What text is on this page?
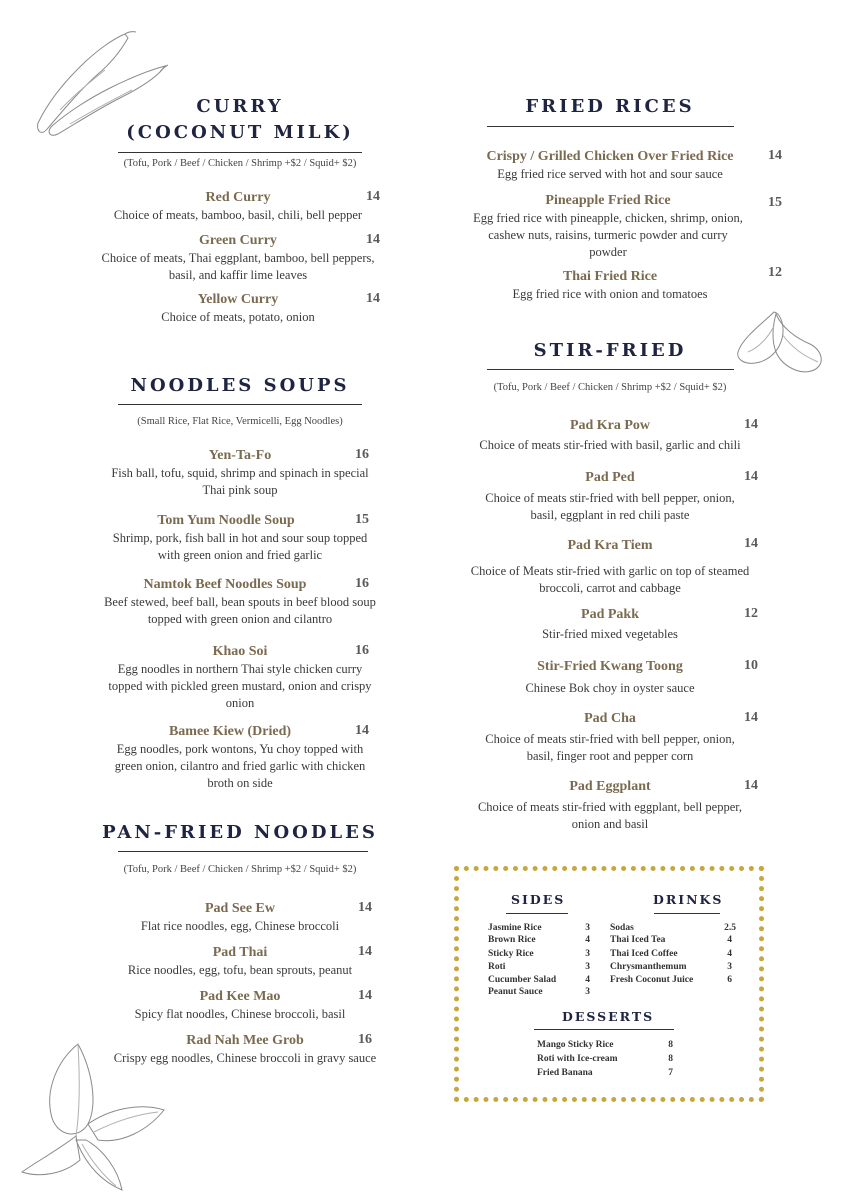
CURRY
(COCONUT MILK)
(Tofu, Pork / Beef / Chicken / Shrimp +$2 / Squid+ $2)
Red Curry
Choice of meats, bamboo, basil, chili, bell pepper
14
Green Curry
Choice of meats, Thai eggplant, bamboo, bell peppers,
basil, and kaffir lime leaves
14
Yellow Curry
Choice of meats, potato, onion
14
NOODLES SOUPS
(Small Rice, Flat Rice, Vermicelli, Egg Noodles)
Yen-Ta-Fo
Fish ball, tofu, squid, shrimp and spinach in special
Thai pink soup
16
Tom Yum Noodle Soup
Shrimp, pork, fish ball in hot and sour soup topped
with green onion and fried garlic
15
Namtok Beef Noodles Soup
Beef stewed, beef ball, bean spouts in beef blood soup
topped with green onion and cilantro
16
Khao Soi
Egg noodles in northern Thai style chicken curry
topped with pickled green mustard, onion and crispy
onion
16
Bamee Kiew (Dried)
Egg noodles, pork wontons, Yu choy topped with
green onion, cilantro and fried garlic with chicken
broth on side
14
PAN-FRIED NOODLES
(Tofu, Pork / Beef / Chicken / Shrimp +$2 / Squid+ $2)
Pad See Ew
Flat rice noodles, egg, Chinese broccoli
14
Pad Thai
Rice noodles, egg, tofu, bean sprouts, peanut
14
Pad Kee Mao
Spicy flat noodles, Chinese broccoli, basil
14
Rad Nah Mee Grob
Crispy egg noodles, Chinese broccoli in gravy sauce
16
FRIED RICES
Crispy / Grilled Chicken Over Fried Rice
Egg fried rice served with hot and sour sauce
14
Pineapple Fried Rice
Egg fried rice with pineapple, chicken, shrimp, onion,
cashew nuts, raisins, turmeric powder and curry
powder
15
Thai Fried Rice
Egg fried rice with onion and tomatoes
12
STIR-FRIED
(Tofu, Pork / Beef / Chicken / Shrimp +$2 / Squid+ $2)
Pad Kra Pow
Choice of meats stir-fried with basil, garlic and chili
14
Pad Ped
Choice of meats stir-fried with bell pepper, onion,
basil, eggplant in red chili paste
14
Pad Kra Tiem
Choice of Meats stir-fried with garlic on top of steamed
broccoli, carrot and cabbage
14
Pad Pakk
Stir-fried mixed vegetables
12
Stir-Fried Kwang Toong
Chinese Bok choy in oyster sauce
10
Pad Cha
Choice of meats stir-fried with bell pepper, onion,
basil, finger root and pepper corn
14
Pad Eggplant
Choice of meats stir-fried with eggplant, bell pepper,
onion and basil
14
SIDES	DRINKS
Jasmine Rice	3
Brown Rice	4
Sticky Rice	3
Roti	3
Cucumber Salad	4
Peanut Sauce	3
Sodas	2.5
Thai Iced Tea	4
Thai Iced Coffee	4
Chrysmanthemum	3
Fresh Coconut Juice	6
DESSERTS
Mango Sticky Rice	8
Roti with Ice-cream	8
Fried Banana	7
